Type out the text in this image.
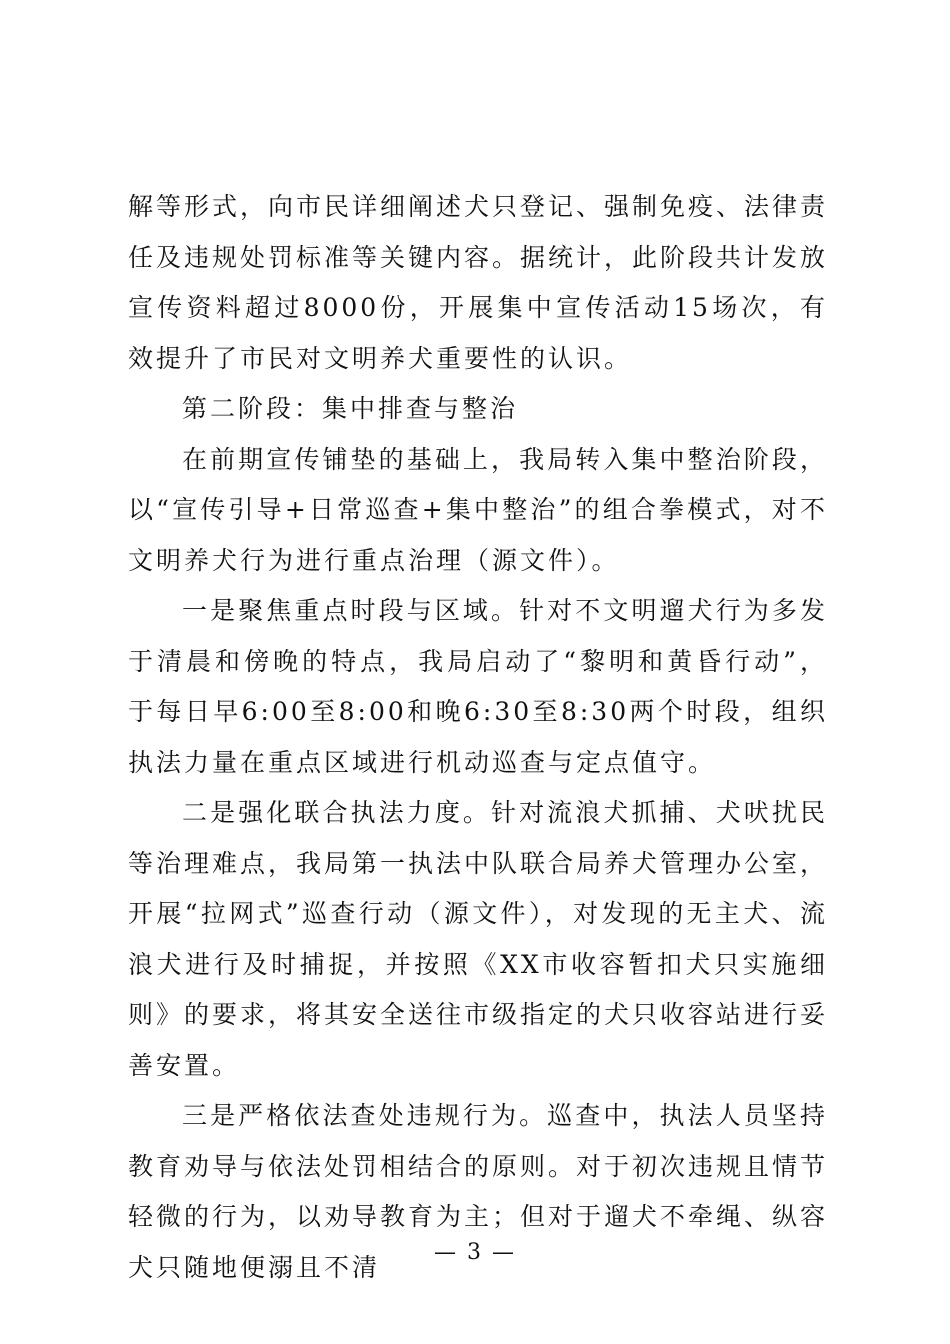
解等形式，向市民详细阐述犬只登记、强制免疫、法律责任及违规处罚标准等关键内容。据统计，此阶段共计发放宣传资料超过8000份，开展集中宣传活动15场次，有效提升了市民对文明养犬重要性的认识。

第二阶段：集中排查与整治

在前期宣传铺垫的基础上，我局转入集中整治阶段，以“宣传引导+日常巡查+集中整治”的组合拳模式，对不文明养犬行为进行重点治理（源文件）。

一是聚焦重点时段与区域。针对不文明遛犬行为多发于清晨和傍晚的特点，我局启动了“黎明和黄昏行动”，于每日早6:00至8:00和晚6:30至8:30两个时段，组织执法力量在重点区域进行机动巡查与定点值守。

二是强化联合执法力度。针对流浪犬抓捕、犬吠扰民等治理难点，我局第一执法中队联合局养犬管理办公室，开展“拉网式”巡查行动（源文件），对发现的无主犬、流浪犬进行及时捕捉，并按照《XX市收容暂扣犬只实施细则》的要求，将其安全送往市级指定的犬只收容站进行妥善安置。

三是严格依法查处违规行为。巡查中，执法人员坚持教育劝导与依法处罚相结合的原则。对于初次违规且情节轻微的行为，以劝导教育为主；但对于遛犬不牵绳、纵容犬只随地便溺且不清	— 3 —
